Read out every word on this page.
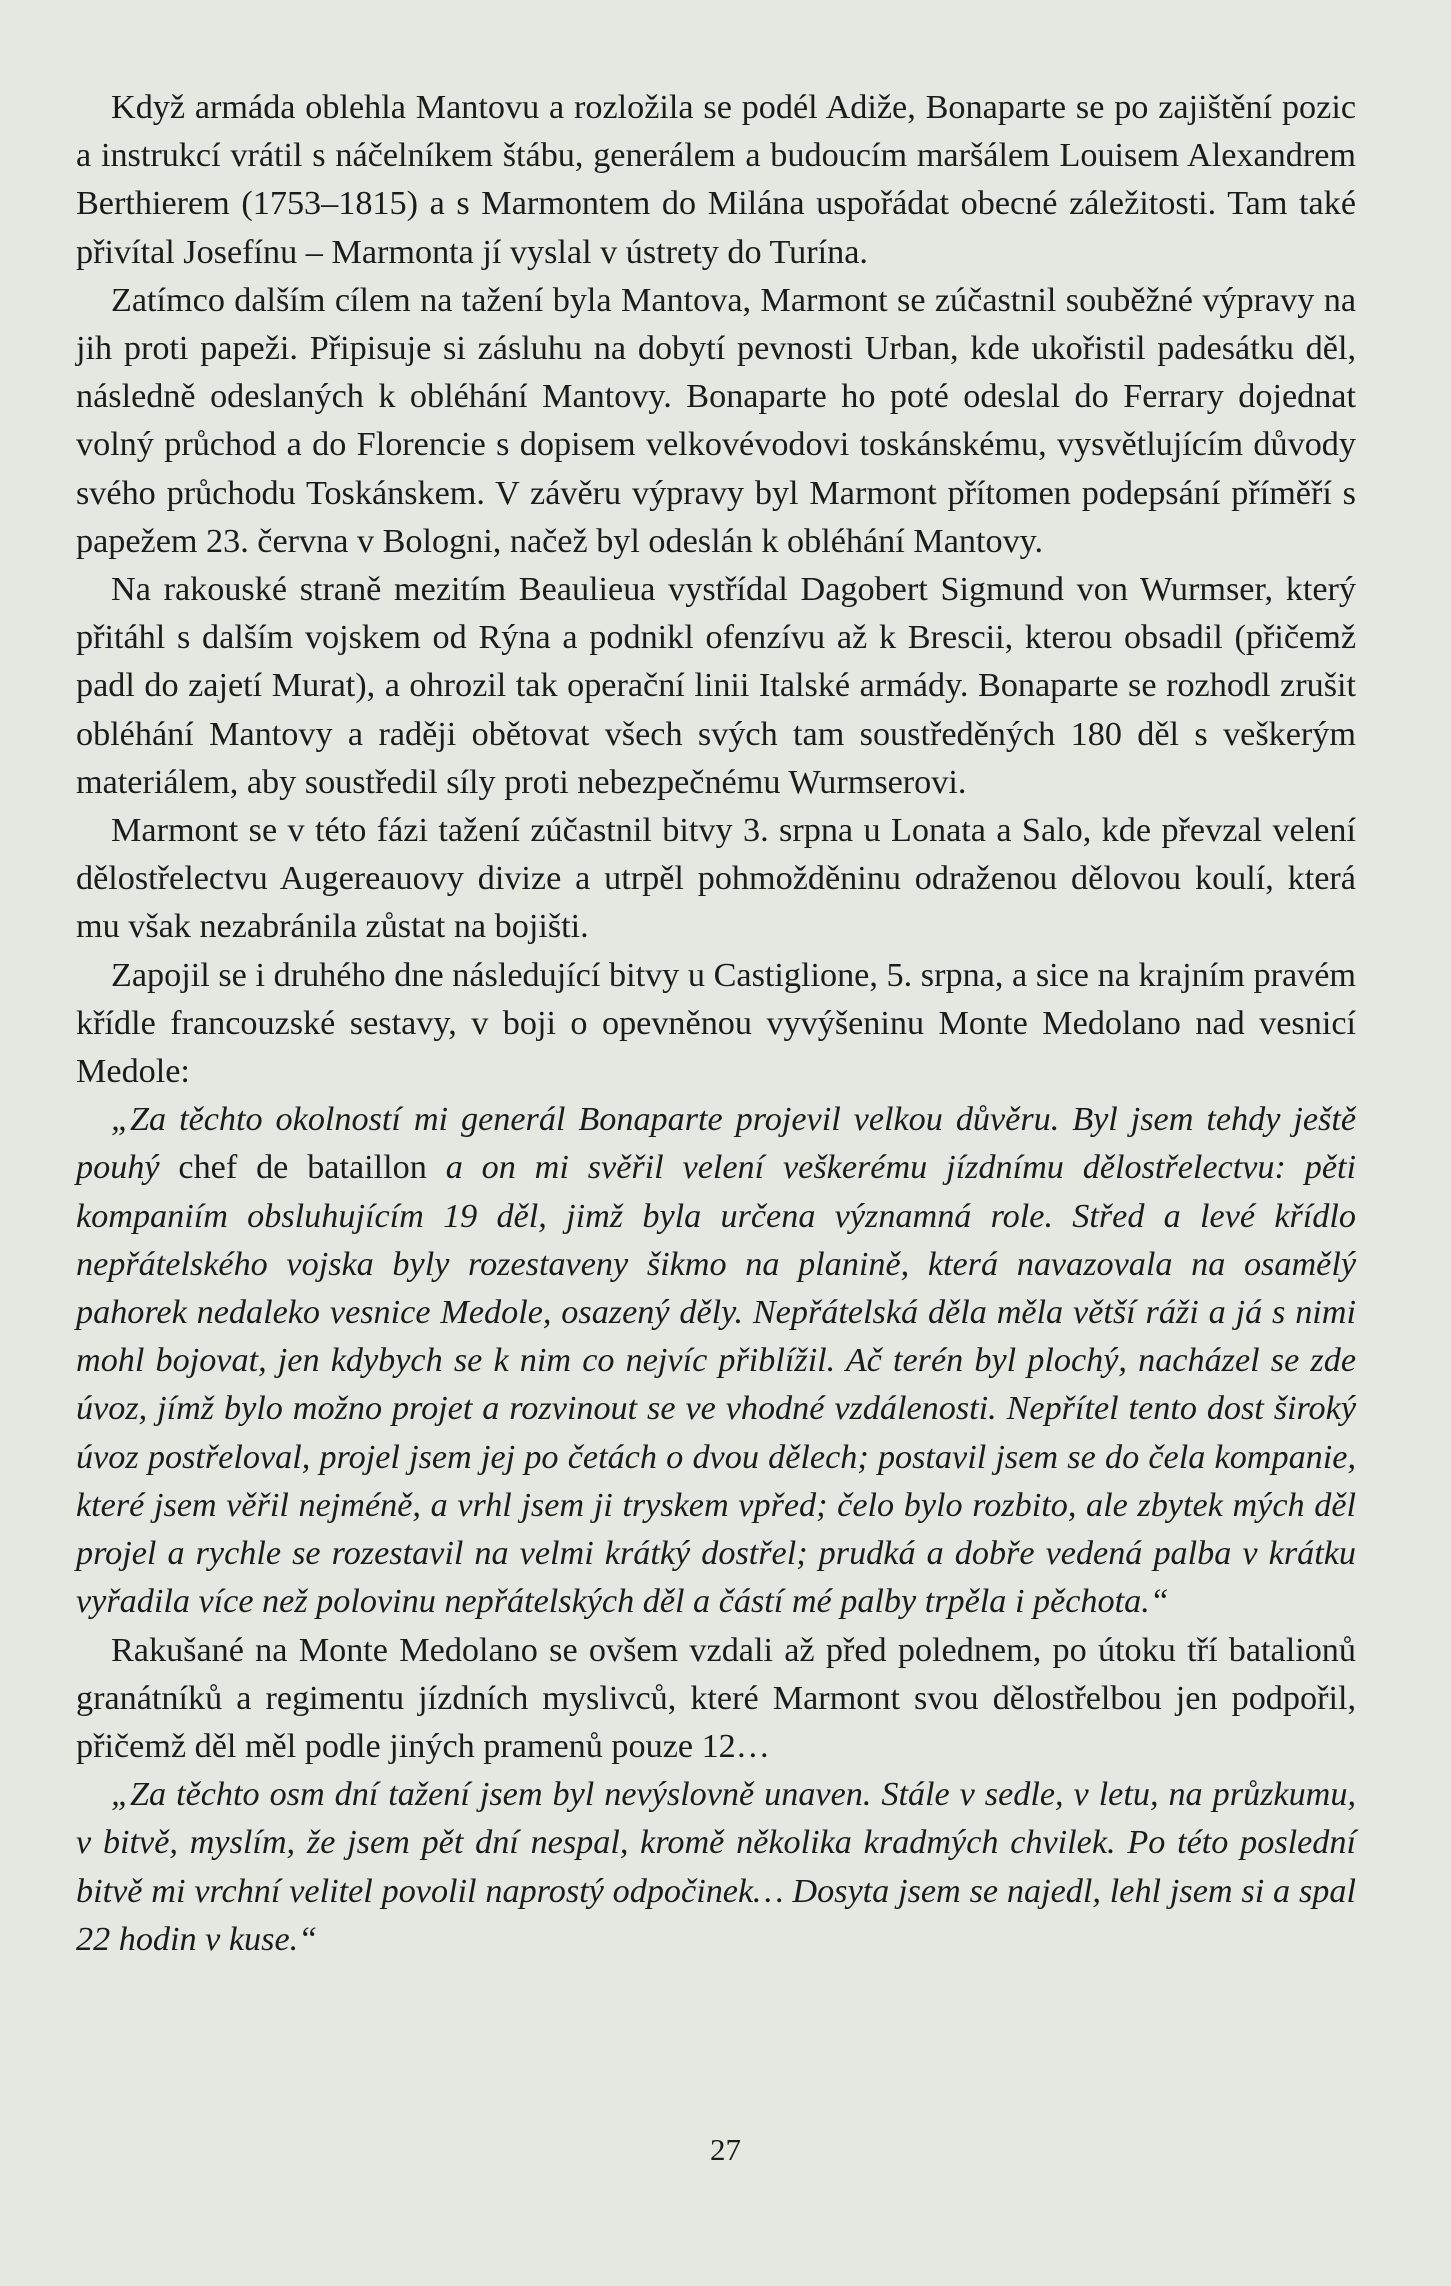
Když armáda oblehla Mantovu a rozložila se podél Adiže, Bonaparte se po zajištění pozic a instrukcí vrátil s náčelníkem štábu, generálem a budoucím maršálem Louisem Alexandrem Berthierem (1753–1815) a s Marmontem do Milána uspořádat obecné záležitosti. Tam také přivítal Josefínu – Marmonta jí vyslal v ústrety do Turína.

Zatímco dalším cílem na tažení byla Mantova, Marmont se zúčastnil souběžné výpravy na jih proti papeži. Připisuje si zásluhu na dobytí pevnosti Urban, kde ukořistil padesátku děl, následně odeslaných k obléhání Mantovy. Bonaparte ho poté odeslal do Ferrary dojednat volný průchod a do Florencie s dopisem velkovévodovi toskánskému, vysvětlujícím důvody svého průchodu Toskánskem. V závěru výpravy byl Marmont přítomen podepsání příměří s papežem 23. června v Bologni, načež byl odeslán k obléhání Mantovy.

Na rakouské straně mezitím Beaulieua vystřídal Dagobert Sigmund von Wurmser, který přitáhl s dalším vojskem od Rýna a podnikl ofenzívu až k Brescii, kterou obsadil (přičemž padl do zajetí Murat), a ohrozil tak operační linii Italské armády. Bonaparte se rozhodl zrušit obléhání Mantovy a raději obětovat všech svých tam soustředěných 180 děl s veškerým materiálem, aby soustředil síly proti nebezpečnému Wurmserovi.

Marmont se v této fázi tažení zúčastnil bitvy 3. srpna u Lonata a Salo, kde převzal velení dělostřelectvu Augereauovy divize a utrpěl pohmožděninu odraženou dělovou koulí, která mu však nezabránila zůstat na bojišti.

Zapojil se i druhého dne následující bitvy u Castiglione, 5. srpna, a sice na krajním pravém křídle francouzské sestavy, v boji o opevněnou vyvýšeninu Monte Medolano nad vesnicí Medole:

„Za těchto okolností mi generál Bonaparte projevil velkou důvěru. Byl jsem tehdy ještě pouhý chef de bataillon a on mi svěřil velení veškerému jízdnímu dělostřelectvu: pěti kompaniím obsluhujícím 19 děl, jimž byla určena významná role. Střed a levé křídlo nepřátelského vojska byly rozestaveny šikmo na planině, která navazovala na osamělý pahorek nedaleko vesnice Medole, osazený děly. Nepřátelská děla měla větší ráži a já s nimi mohl bojovat, jen kdybych se k nim co nejvíc přiblížil. Ač terén byl plochý, nacházel se zde úvoz, jímž bylo možno projet a rozvinout se ve vhodné vzdálenosti. Nepřítel tento dost široký úvoz postřeloval, projel jsem jej po četách o dvou dělech; postavil jsem se do čela kompanie, které jsem věřil nejméně, a vrhl jsem ji tryskem vpřed; čelo bylo rozbito, ale zbytek mých děl projel a rychle se rozestavil na velmi krátký dostřel; prudká a dobře vedená palba v krátku vyřadila více než polovinu nepřátelských děl a částí mé palby trpěla i pěchota.“

Rakušané na Monte Medolano se ovšem vzdali až před polednem, po útoku tří batalionů granátníků a regimentu jízdních myslivců, které Marmont svou dělostřelbou jen podpořil, přičemž děl měl podle jiných pramenů pouze 12…

„Za těchto osm dní tažení jsem byl nevýslovně unaven. Stále v sedle, v letu, na průzkumu, v bitvě, myslím, že jsem pět dní nespal, kromě několika kradmých chvilek. Po této poslední bitvě mi vrchní velitel povolil naprostý odpočinek… Dosyta jsem se najedl, lehl jsem si a spal 22 hodin v kuse.“

27
